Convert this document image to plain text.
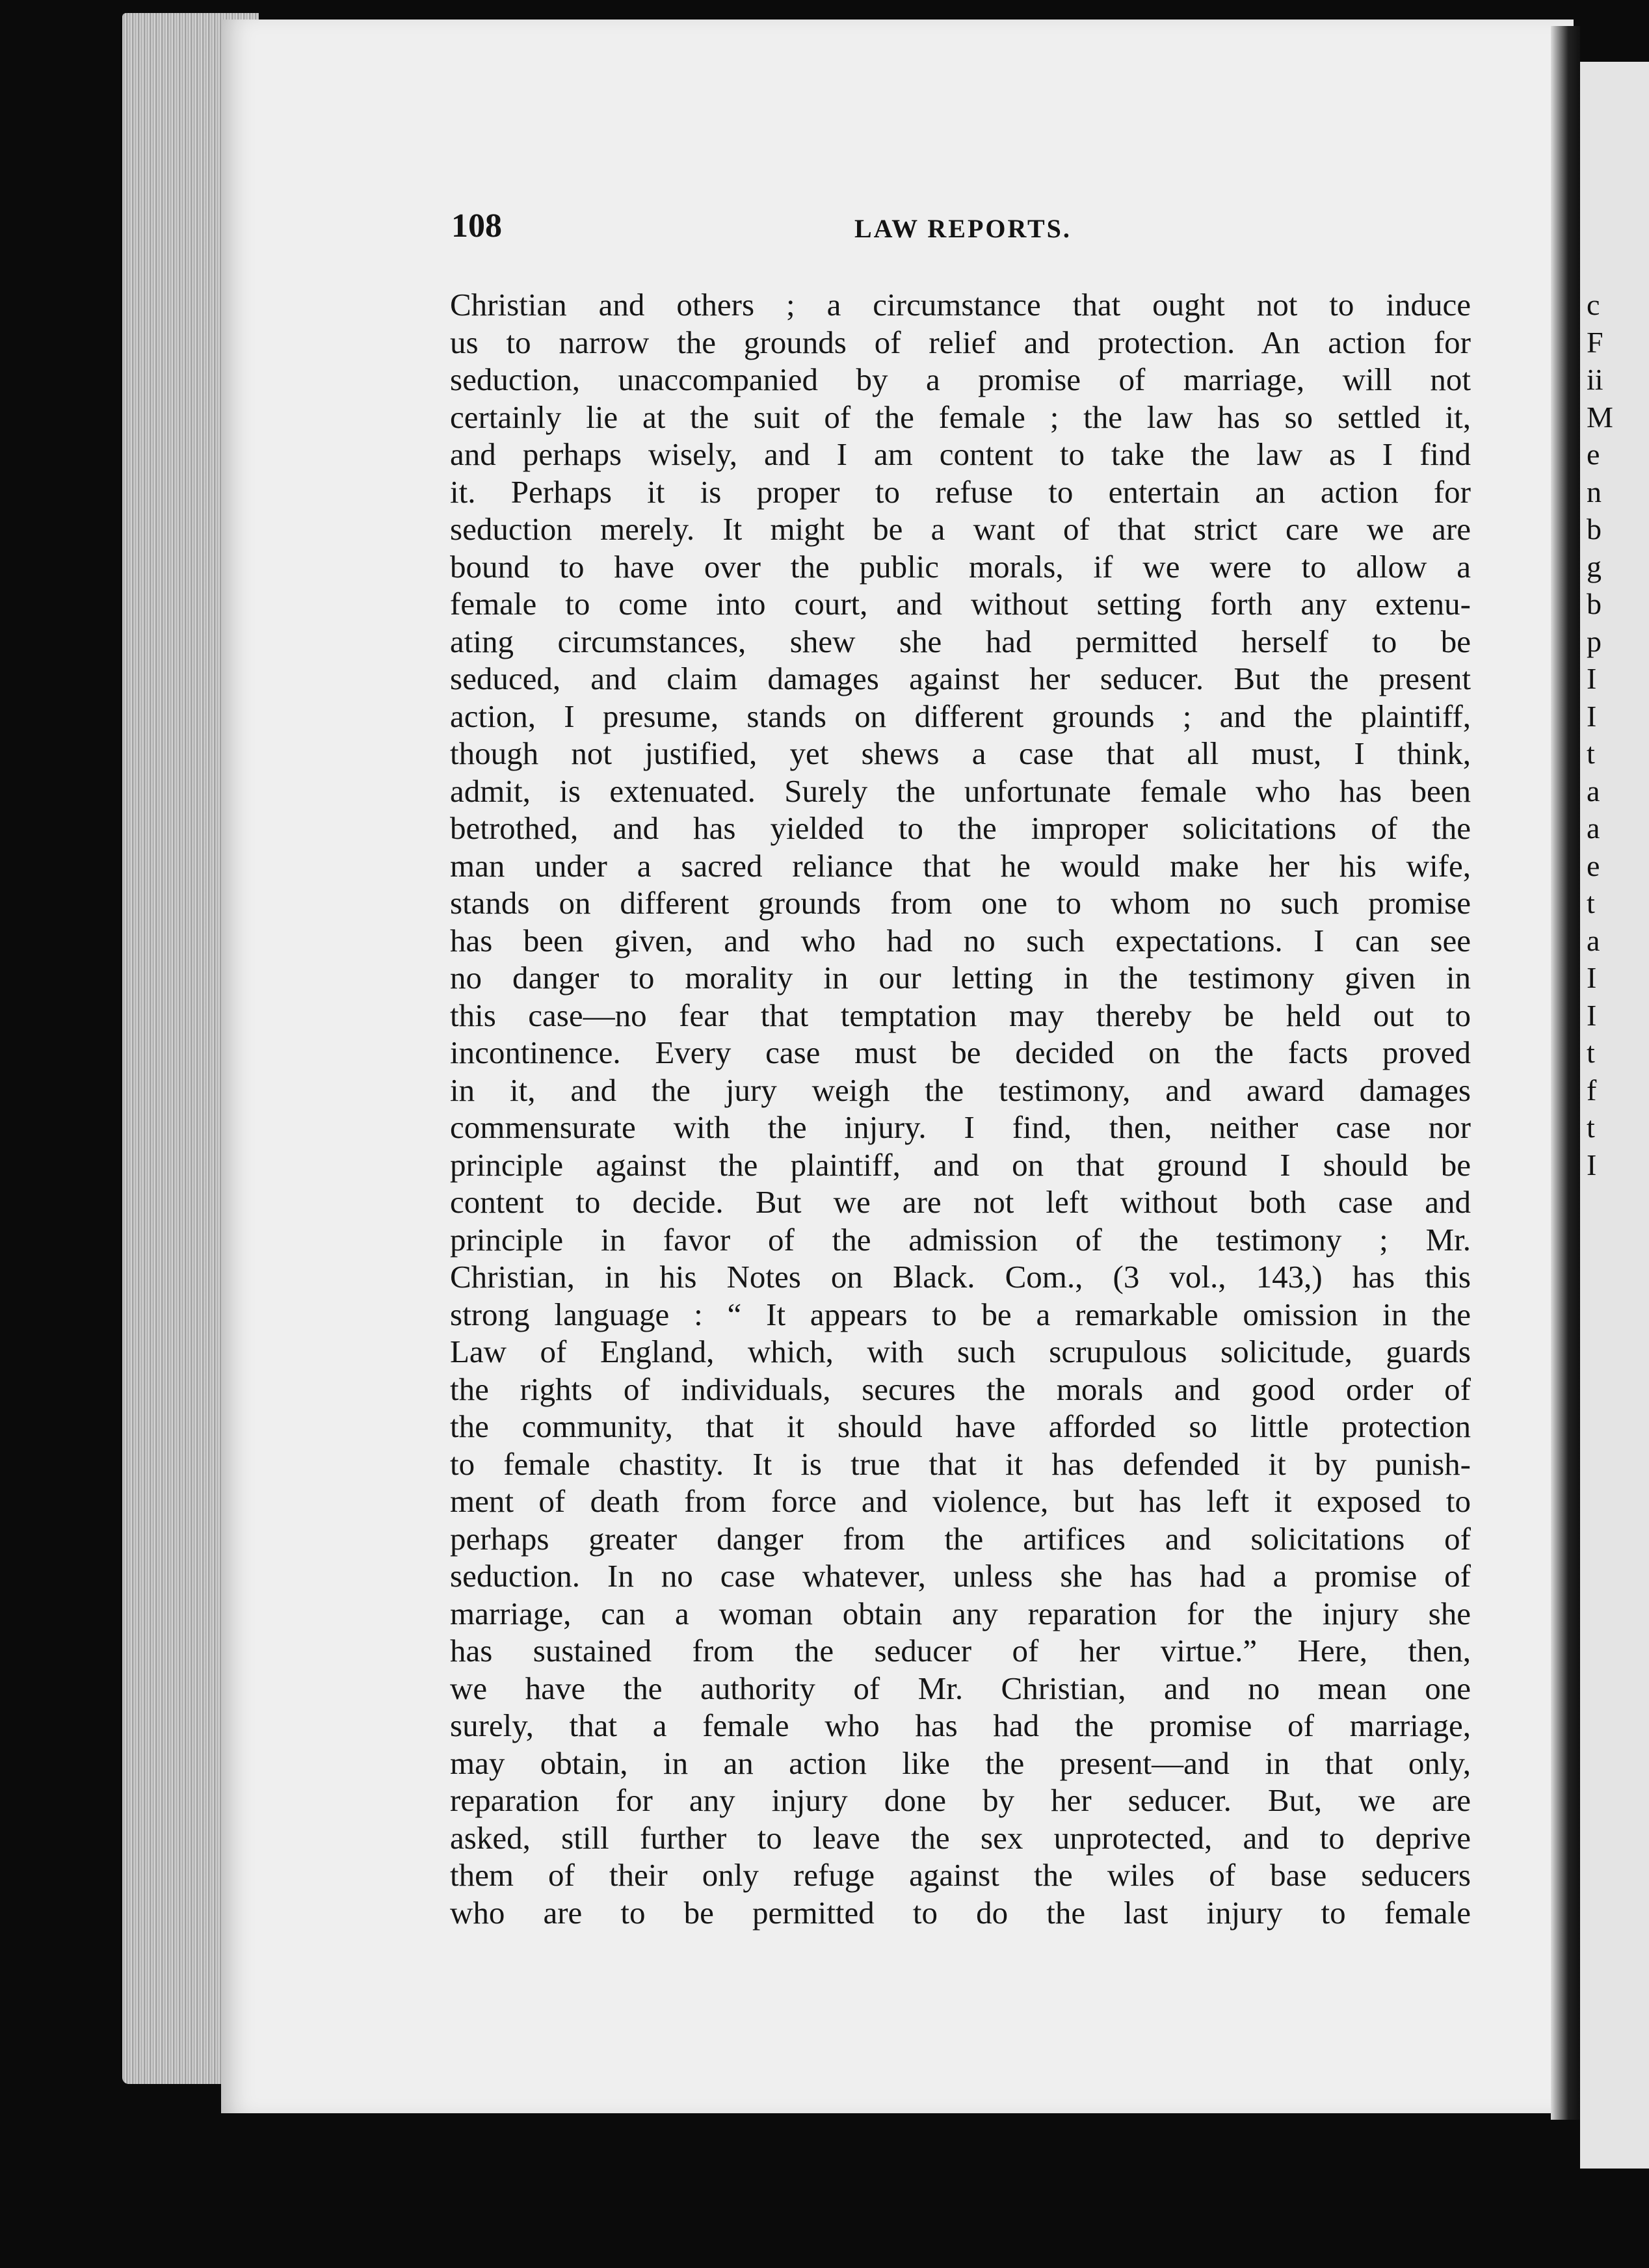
c
F
ii
M
e
n
b
g
b
p
I
I
t
a
a
e
t
a
I
I
t
f
t
I
108	LAW REPORTS.
Christian and others ; a circumstance that ought not to induce
us to narrow the grounds of relief and protection. An action for
seduction, unaccompanied by a promise of marriage, will not
certainly lie at the suit of the female ; the law has so settled it,
and perhaps wisely, and I am content to take the law as I find
it. Perhaps it is proper to refuse to entertain an action for
seduction merely. It might be a want of that strict care we are
bound to have over the public morals, if we were to allow a
female to come into court, and without setting forth any extenu-
ating circumstances, shew she had permitted herself to be
seduced, and claim damages against her seducer. But the present
action, I presume, stands on different grounds ; and the plaintiff,
though not justified, yet shews a case that all must, I think,
admit, is extenuated. Surely the unfortunate female who has been
betrothed, and has yielded to the improper solicitations of the
man under a sacred reliance that he would make her his wife,
stands on different grounds from one to whom no such promise
has been given, and who had no such expectations. I can see
no danger to morality in our letting in the testimony given in
this case—no fear that temptation may thereby be held out to
incontinence. Every case must be decided on the facts proved
in it, and the jury weigh the testimony, and award damages
commensurate with the injury. I find, then, neither case nor
principle against the plaintiff, and on that ground I should be
content to decide. But we are not left without both case and
principle in favor of the admission of the testimony ; Mr.
Christian, in his Notes on Black. Com., (3 vol., 143,) has this
strong language : “ It appears to be a remarkable omission in the
Law of England, which, with such scrupulous solicitude, guards
the rights of individuals, secures the morals and good order of
the community, that it should have afforded so little protection
to female chastity. It is true that it has defended it by punish-
ment of death from force and violence, but has left it exposed to
perhaps greater danger from the artifices and solicitations of
seduction. In no case whatever, unless she has had a promise of
marriage, can a woman obtain any reparation for the injury she
has sustained from the seducer of her virtue.” Here, then,
we have the authority of Mr. Christian, and no mean one
surely, that a female who has had the promise of marriage,
may obtain, in an action like the present—and in that only,
reparation for any injury done by her seducer. But, we are
asked, still further to leave the sex unprotected, and to deprive
them of their only refuge against the wiles of base seducers
who are to be permitted to do the last injury to female
